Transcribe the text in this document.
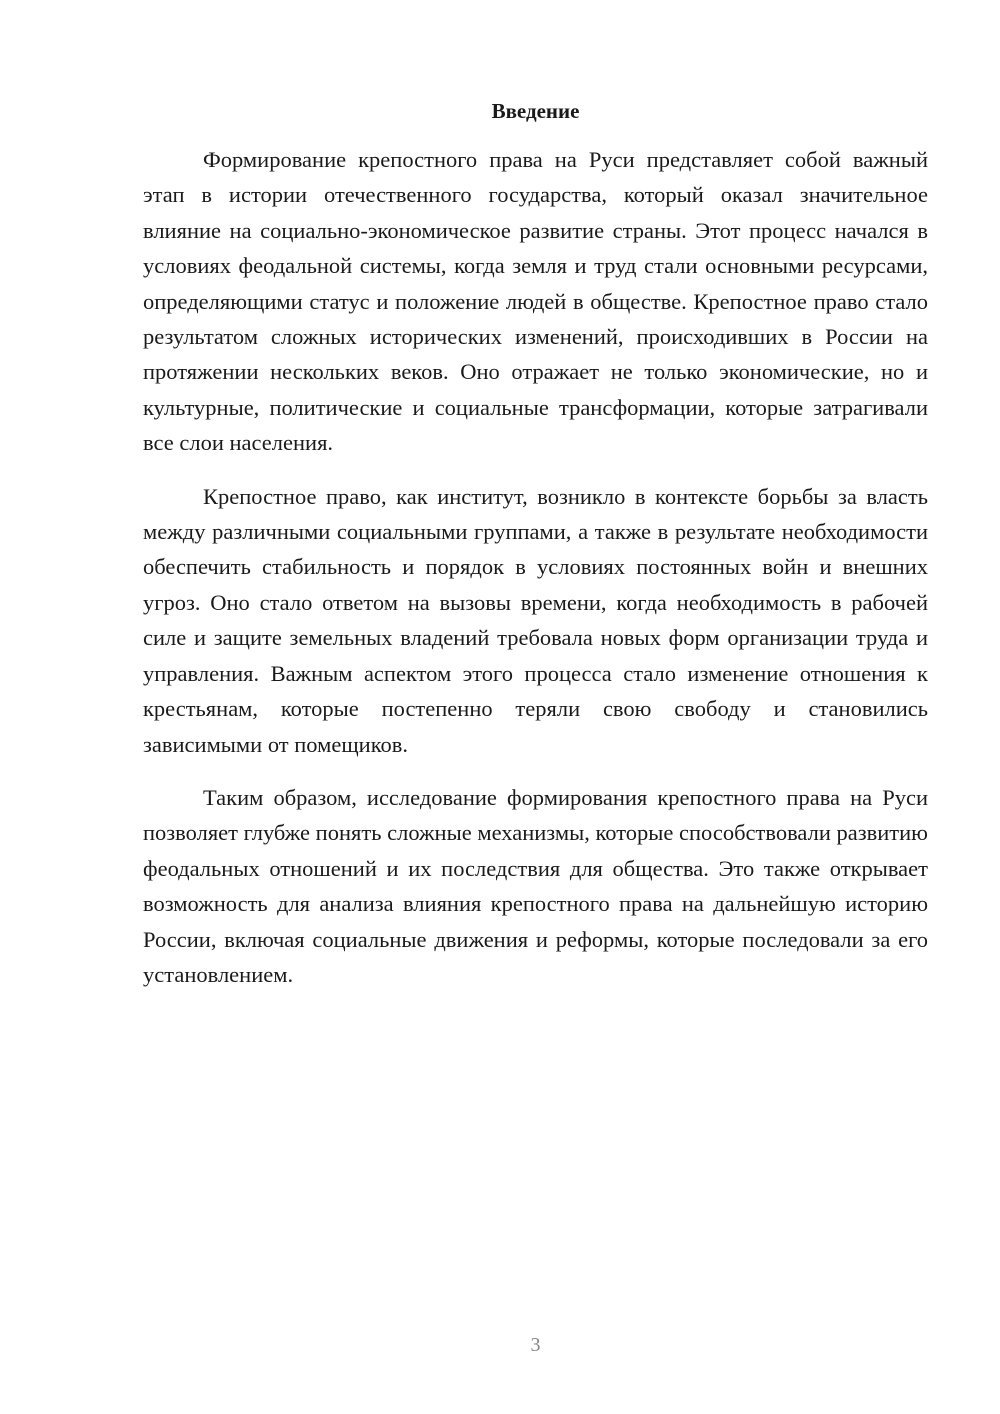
Введение

Формирование крепостного права на Руси представляет собой важный этап в истории отечественного государства, который оказал значительное влияние на социально-экономическое развитие страны. Этот процесс начался в условиях феодальной системы, когда земля и труд стали основными ресурсами, определяющими статус и положение людей в обществе. Крепостное право стало результатом сложных исторических изменений, происходивших в России на протяжении нескольких веков. Оно отражает не только экономические, но и культурные, политические и социальные трансформации, которые затрагивали все слои населения.

Крепостное право, как институт, возникло в контексте борьбы за власть между различными социальными группами, а также в результате необходимости обеспечить стабильность и порядок в условиях постоянных войн и внешних угроз. Оно стало ответом на вызовы времени, когда необходимость в рабочей силе и защите земельных владений требовала новых форм организации труда и управления. Важным аспектом этого процесса стало изменение отношения к крестьянам, которые постепенно теряли свою свободу и становились зависимыми от помещиков.

Таким образом, исследование формирования крепостного права на Руси позволяет глубже понять сложные механизмы, которые способствовали развитию феодальных отношений и их последствия для общества. Это также открывает возможность для анализа влияния крепостного права на дальнейшую историю России, включая социальные движения и реформы, которые последовали за его установлением.

3
